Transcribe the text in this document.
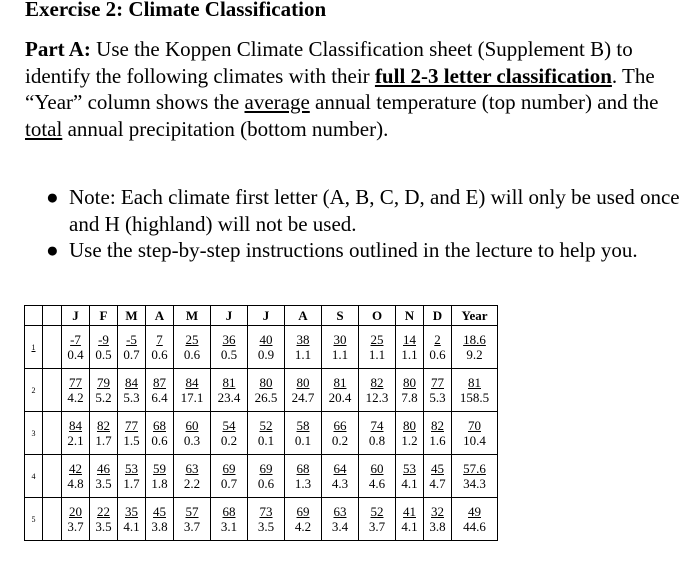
Exercise 2: Climate Classification
Part A: Use the Koppen Climate Classification sheet (Supplement B) to identify the following climates with their full 2-3 letter classification. The “Year” column shows the average annual temperature (top number) and the total annual precipitation (bottom number).
● Note: Each climate first letter (A, B, C, D, and E) will only be used once and H (highland) will not be used.
● Use the step-by-step instructions outlined in the lecture to help you.
		J	F	M	A	M	J	J	A	S	O	N	D	Year
1		$\frac{-7}{0.4}$	$\frac{-9}{0.5}$	$\frac{-5}{0.7}$	$\frac{7}{0.6}$	$\frac{25}{0.6}$	$\frac{36}{0.5}$	$\frac{40}{0.9}$	$\frac{38}{1.1}$	$\frac{30}{1.1}$	$\frac{25}{1.1}$	$\frac{14}{1.1}$	$\frac{2}{0.6}$	$\frac{18.6}{9.2}$

2		$\frac{77}{4.2}$	$\frac{79}{5.2}$	$\frac{84}{5.3}$	$\frac{87}{6.4}$	$\frac{84}{17.1}$	$\frac{81}{23.4}$	$\frac{80}{26.5}$	$\frac{80}{24.7}$	$\frac{81}{20.4}$	$\frac{82}{12.3}$	$\frac{80}{7.8}$	$\frac{77}{5.3}$	$\frac{81}{158.5}$

3		$\frac{84}{2.1}$	$\frac{82}{1.7}$	$\frac{77}{1.5}$	$\frac{68}{0.6}$	$\frac{60}{0.3}$	$\frac{54}{0.2}$	$\frac{52}{0.1}$	$\frac{58}{0.1}$	$\frac{66}{0.2}$	$\frac{74}{0.8}$	$\frac{80}{1.2}$	$\frac{82}{1.6}$	$\frac{70}{10.4}$

4		$\frac{42}{4.8}$	$\frac{46}{3.5}$	$\frac{53}{1.7}$	$\frac{59}{1.8}$	$\frac{63}{2.2}$	$\frac{69}{0.7}$	$\frac{69}{0.6}$	$\frac{68}{1.3}$	$\frac{64}{4.3}$	$\frac{60}{4.6}$	$\frac{53}{4.1}$	$\frac{45}{4.7}$	$\frac{57.6}{34.3}$

5		$\frac{20}{3.7}$	$\frac{22}{3.5}$	$\frac{35}{4.1}$	$\frac{45}{3.8}$	$\frac{57}{3.7}$	$\frac{68}{3.1}$	$\frac{73}{3.5}$	$\frac{69}{4.2}$	$\frac{63}{3.4}$	$\frac{52}{3.7}$	$\frac{41}{4.1}$	$\frac{32}{3.8}$	$\frac{49}{44.6}$
